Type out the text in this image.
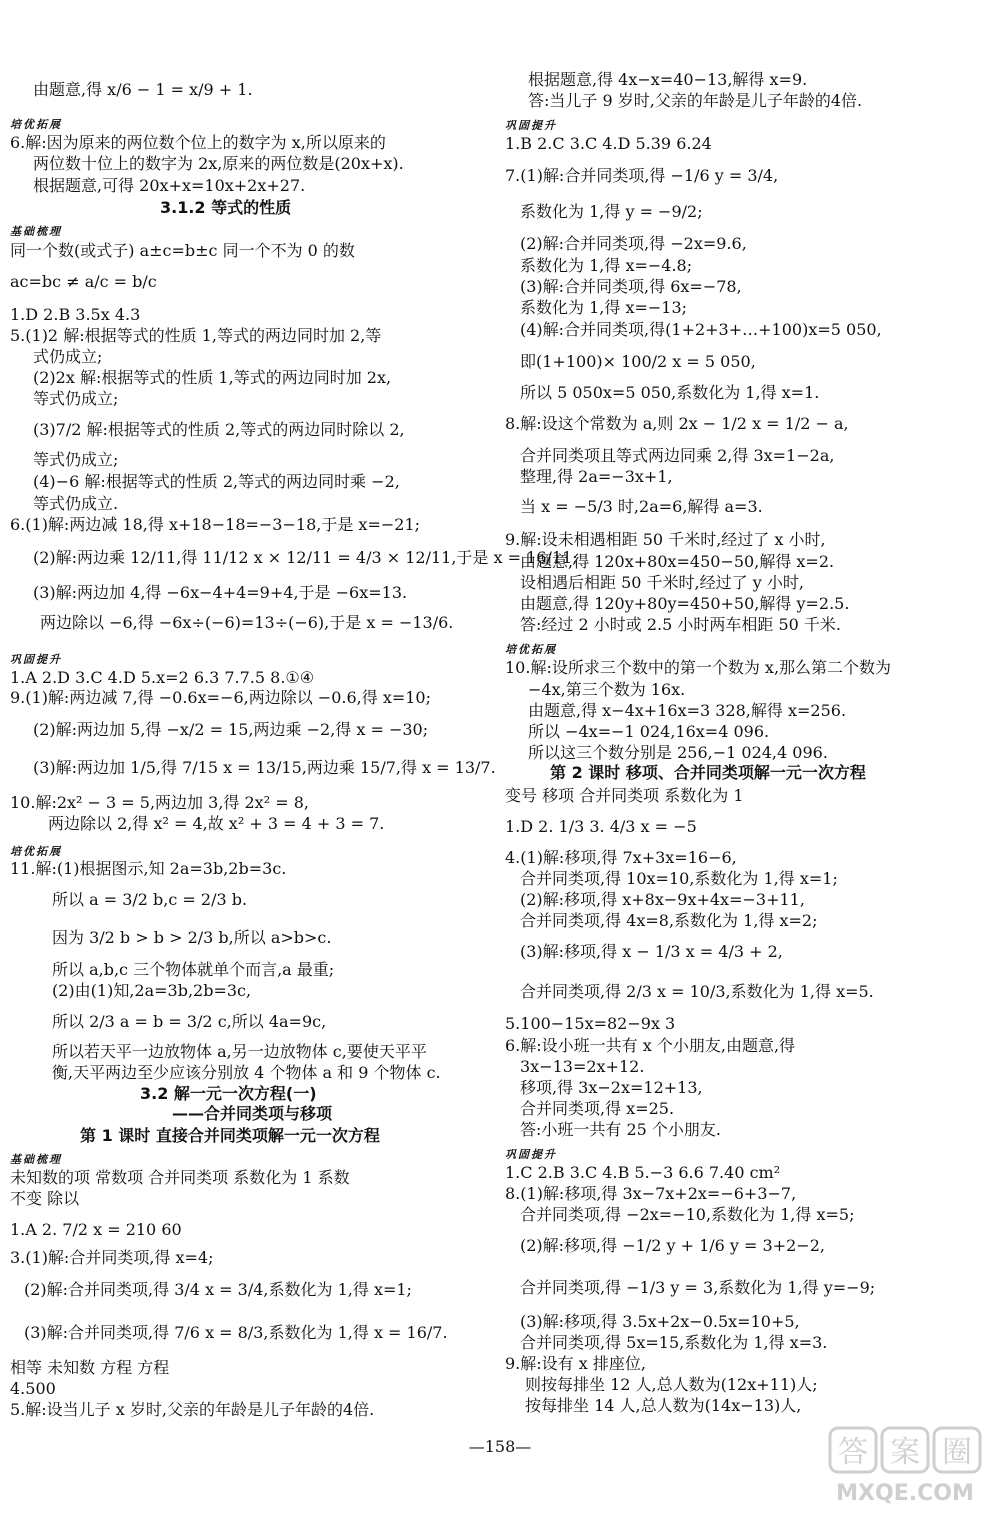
由题意,得 x/6 − 1 = x/9 + 1.
培优拓展
6.解:因为原来的两位数个位上的数字为 x,所以原来的
两位数十位上的数字为 2x,原来的两位数是(20x+x).
根据题意,可得 20x+x=10x+2x+27.
3.1.2 等式的性质
基础梳理
同一个数(或式子) a±c=b±c 同一个不为 0 的数
ac=bc ≠ a/c = b/c
1.D 2.B 3.5x 4.3
5.(1)2 解:根据等式的性质 1,等式的两边同时加 2,等
式仍成立;
(2)2x 解:根据等式的性质 1,等式的两边同时加 2x,
等式仍成立;
(3)7/2 解:根据等式的性质 2,等式的两边同时除以 2,
等式仍成立;
(4)−6 解:根据等式的性质 2,等式的两边同时乘 −2,
等式仍成立.
6.(1)解:两边减 18,得 x+18−18=−3−18,于是 x=−21;
(2)解:两边乘 12/11,得 11/12 x × 12/11 = 4/3 × 12/11,于是 x = 16/11;
(3)解:两边加 4,得 −6x−4+4=9+4,于是 −6x=13.
两边除以 −6,得 −6x÷(−6)=13÷(−6),于是 x = −13/6.
巩固提升
1.A 2.D 3.C 4.D 5.x=2 6.3 7.7.5 8.①④
9.(1)解:两边减 7,得 −0.6x=−6,两边除以 −0.6,得 x=10;
(2)解:两边加 5,得 −x/2 = 15,两边乘 −2,得 x = −30;
(3)解:两边加 1/5,得 7/15 x = 13/15,两边乘 15/7,得 x = 13/7.
10.解:2x² − 3 = 5,两边加 3,得 2x² = 8,
两边除以 2,得 x² = 4,故 x² + 3 = 4 + 3 = 7.
培优拓展
11.解:(1)根据图示,知 2a=3b,2b=3c.
所以 a = 3/2 b,c = 2/3 b.
因为 3/2 b > b > 2/3 b,所以 a>b>c.
所以 a,b,c 三个物体就单个而言,a 最重;
(2)由(1)知,2a=3b,2b=3c,
所以 2/3 a = b = 3/2 c,所以 4a=9c,
所以若天平一边放物体 a,另一边放物体 c,要使天平平
衡,天平两边至少应该分别放 4 个物体 a 和 9 个物体 c.
3.2 解一元一次方程(一)
——合并同类项与移项
第 1 课时 直接合并同类项解一元一次方程
基础梳理
未知数的项 常数项 合并同类项 系数化为 1 系数
不变 除以
1.A 2. 7/2 x = 210 60
3.(1)解:合并同类项,得 x=4;
(2)解:合并同类项,得 3/4 x = 3/4,系数化为 1,得 x=1;
(3)解:合并同类项,得 7/6 x = 8/3,系数化为 1,得 x = 16/7.
相等 未知数 方程 方程
4.500
5.解:设当儿子 x 岁时,父亲的年龄是儿子年龄的4倍.
根据题意,得 4x−x=40−13,解得 x=9.
答:当儿子 9 岁时,父亲的年龄是儿子年龄的4倍.
巩固提升
1.B 2.C 3.C 4.D 5.39 6.24
7.(1)解:合并同类项,得 −1/6 y = 3/4,
系数化为 1,得 y = −9/2;
(2)解:合并同类项,得 −2x=9.6,
系数化为 1,得 x=−4.8;
(3)解:合并同类项,得 6x=−78,
系数化为 1,得 x=−13;
(4)解:合并同类项,得(1+2+3+…+100)x=5 050,
即(1+100)× 100/2 x = 5 050,
所以 5 050x=5 050,系数化为 1,得 x=1.
8.解:设这个常数为 a,则 2x − 1/2 x = 1/2 − a,
合并同类项且等式两边同乘 2,得 3x=1−2a,
整理,得 2a=−3x+1,
当 x = −5/3 时,2a=6,解得 a=3.
9.解:设未相遇相距 50 千米时,经过了 x 小时,
由题意,得 120x+80x=450−50,解得 x=2.
设相遇后相距 50 千米时,经过了 y 小时,
由题意,得 120y+80y=450+50,解得 y=2.5.
答:经过 2 小时或 2.5 小时两车相距 50 千米.
培优拓展
10.解:设所求三个数中的第一个数为 x,那么第二个数为
−4x,第三个数为 16x.
由题意,得 x−4x+16x=3 328,解得 x=256.
所以 −4x=−1 024,16x=4 096.
所以这三个数分别是 256,−1 024,4 096.
第 2 课时 移项、合并同类项解一元一次方程
变号 移项 合并同类项 系数化为 1
1.D 2. 1/3 3. 4/3 x = −5
4.(1)解:移项,得 7x+3x=16−6,
合并同类项,得 10x=10,系数化为 1,得 x=1;
(2)解:移项,得 x+8x−9x+4x=−3+11,
合并同类项,得 4x=8,系数化为 1,得 x=2;
(3)解:移项,得 x − 1/3 x = 4/3 + 2,
合并同类项,得 2/3 x = 10/3,系数化为 1,得 x=5.
5.100−15x=82−9x 3
6.解:设小班一共有 x 个小朋友,由题意,得
3x−13=2x+12.
移项,得 3x−2x=12+13,
合并同类项,得 x=25.
答:小班一共有 25 个小朋友.
巩固提升
1.C 2.B 3.C 4.B 5.−3 6.6 7.40 cm²
8.(1)解:移项,得 3x−7x+2x=−6+3−7,
合并同类项,得 −2x=−10,系数化为 1,得 x=5;
(2)解:移项,得 −1/2 y + 1/6 y = 3+2−2,
合并同类项,得 −1/3 y = 3,系数化为 1,得 y=−9;
(3)解:移项,得 3.5x+2x−0.5x=10+5,
合并同类项,得 5x=15,系数化为 1,得 x=3.
9.解:设有 x 排座位,
则按每排坐 12 人,总人数为(12x+11)人;
按每排坐 14 人,总人数为(14x−13)人,
—158—	答 案 圈
MXQE.COM
